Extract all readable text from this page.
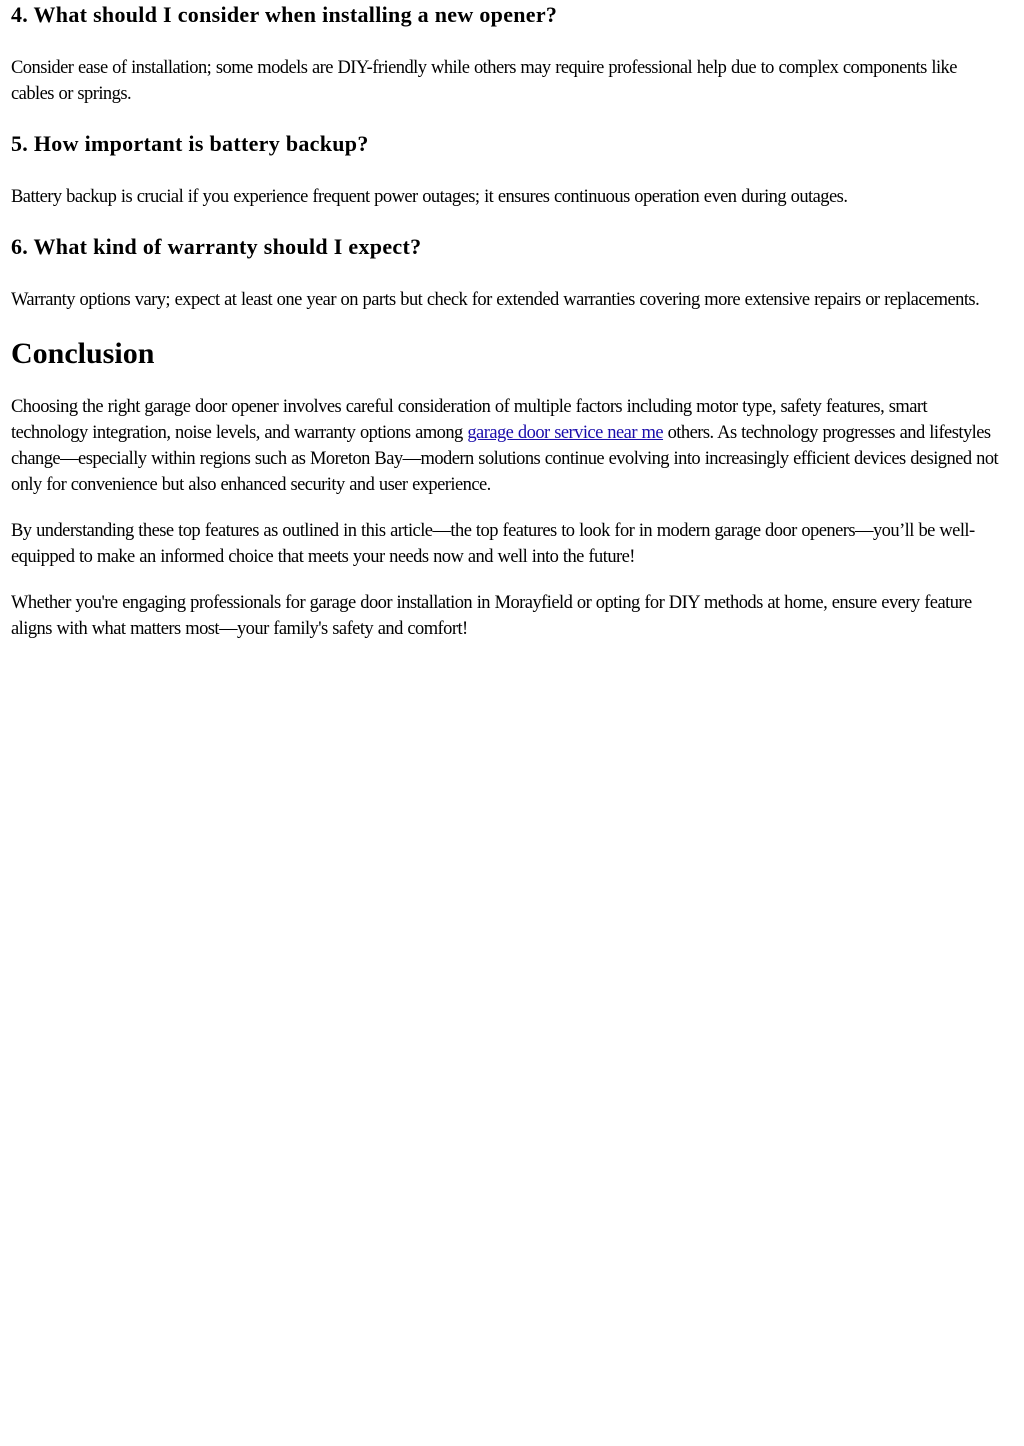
4. What should I consider when installing a new opener?

Consider ease of installation; some models are DIY-friendly while others may require professional help due to complex components like cables or springs.

5. How important is battery backup?

Battery backup is crucial if you experience frequent power outages; it ensures continuous operation even during outages.

6. What kind of warranty should I expect?

Warranty options vary; expect at least one year on parts but check for extended warranties covering more extensive repairs or replacements.

Conclusion

Choosing the right garage door opener involves careful consideration of multiple factors including motor type, safety features, smart technology integration, noise levels, and warranty options among garage door service near me others. As technology progresses and lifestyles change—especially within regions such as Moreton Bay—modern solutions continue evolving into increasingly efficient devices designed not only for convenience but also enhanced security and user experience.

By understanding these top features as outlined in this article—the top features to look for in modern garage door openers—you’ll be well-equipped to make an informed choice that meets your needs now and well into the future!

Whether you're engaging professionals for garage door installation in Morayfield or opting for DIY methods at home, ensure every feature aligns with what matters most—your family's safety and comfort!
